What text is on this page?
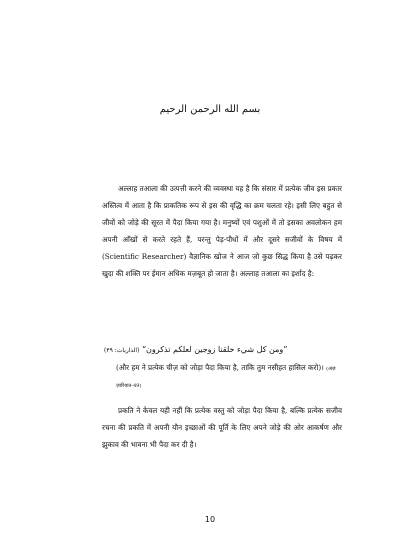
بسم الله الرحمن الرحيم
अल्लाह तआला की उत्पत्ती करने की व्यवस्था यह है कि संसार में प्रत्येक जीव इस प्रकार अस्तित्व में आता है कि प्राकतिक रूप से इस की वृद्धि का क्रम चलता रहे। इसी लिए बहुत से जीवों को जोड़े की सूरत में पैदा किया गया है। मनुष्यों एवं पशुओं में तो इसका अवलोकन हम अपनी आँखों से करते रहते हैं, परन्तु पेड़-पौधों में और दूसरे सजीवों के विषय में (Scientific Researcher) वैज्ञानिक खोज ने आज जो कुछ सिद्ध किया है उसे पढ़कर खुदा की शक्ति पर ईमान अधिक मज़बूत हो जाता है। अल्लाह तआला का इर्शाद है:
”ومن كل شيء خلقنا زوجين لعلكم تذكرون“ (الذاريات: ۴۹)
(और हम ने प्रत्येक चीज़ को जोड़ा पैदा किया है, ताकि तुम नसीहत हासिल करो)। (अज़ ज़ारियात-49)
प्रकति ने केवल यही नहीं कि प्रत्येक वस्तु को जोड़ा पैदा किया है, बल्कि प्रत्येक सजीव रचना की प्रकति में अपनी यौन इच्छाओं की पूर्ति के लिए अपने जोड़े की ओर आकर्षण और झुकाव की भावना भी पैदा कर दी है।
10
